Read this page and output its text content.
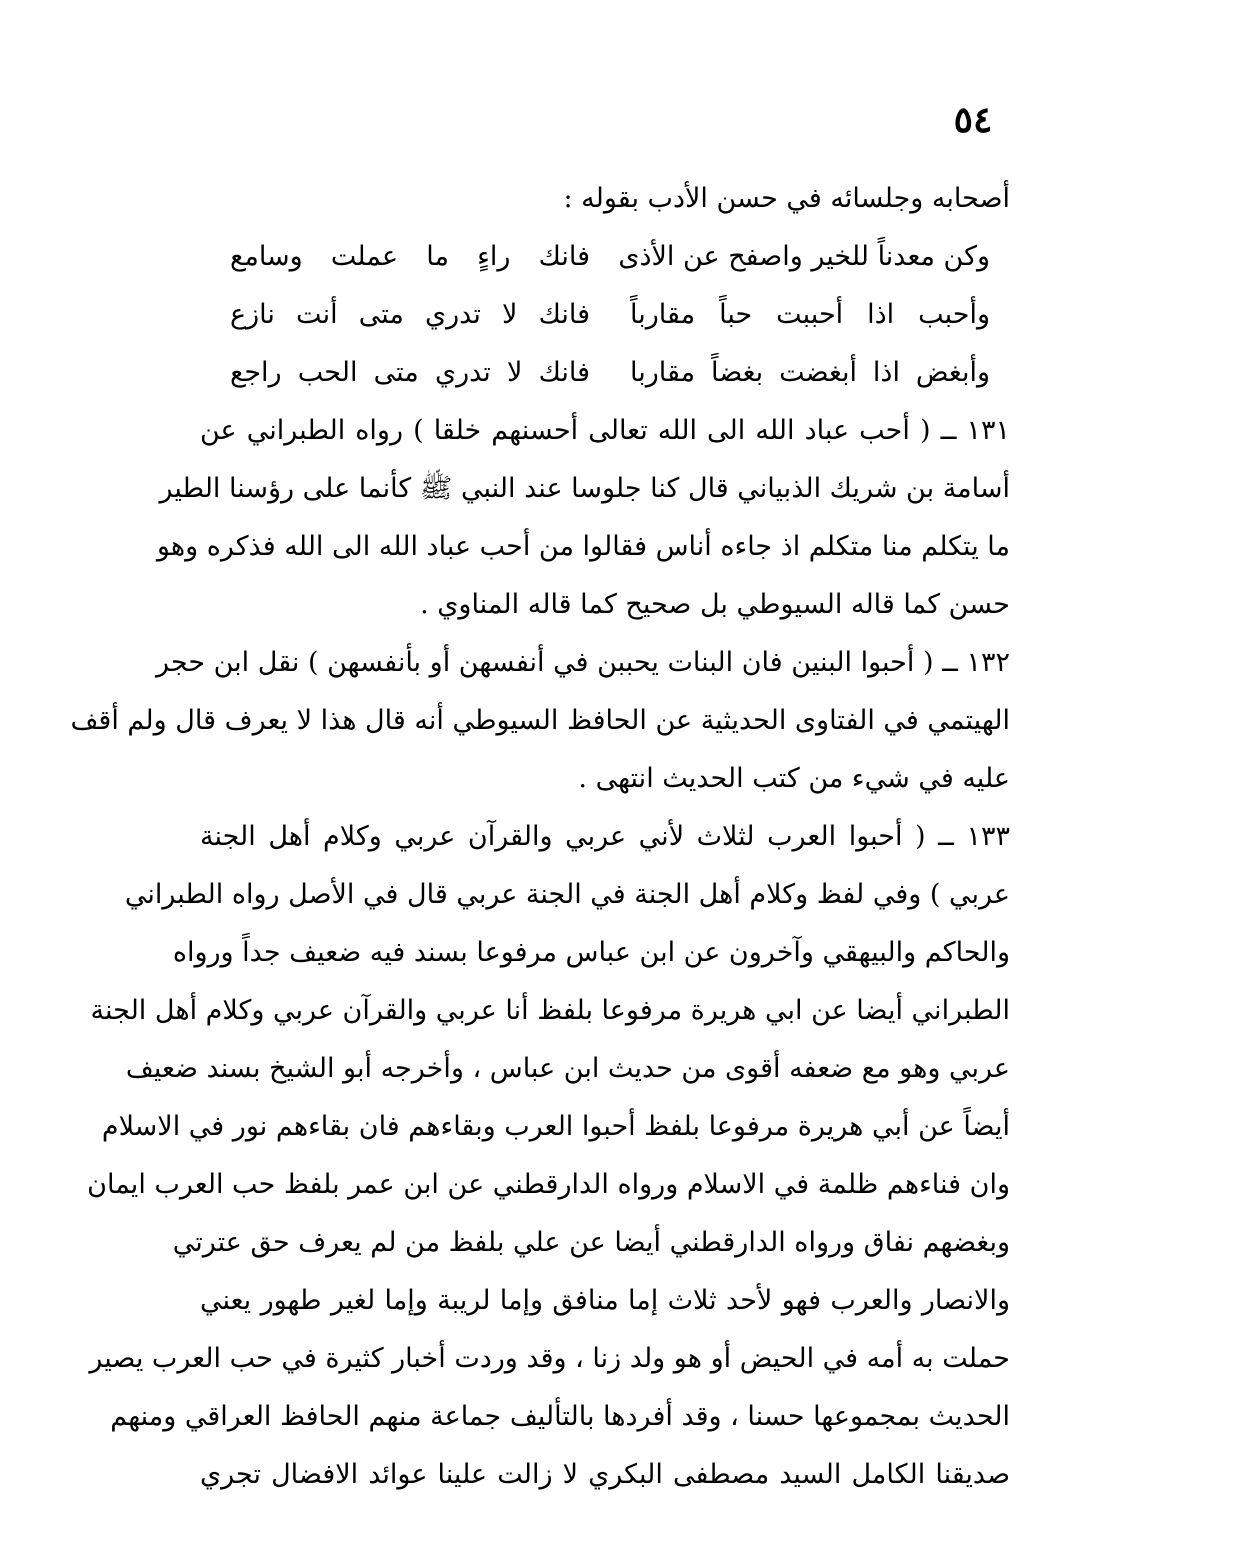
٥٤
أصحابه وجلسائه في حسن الأدب بقوله :
وكن معدناً للخير واصفح عن الأذى
فانك راءٍ ما عملت وسامع
وأحبب اذا أحببت حباً مقارباً
فانك لا تدري متى أنت نازع
وأبغض اذا أبغضت بغضاً مقاربا
فانك لا تدري متى الحب راجع
١٣١ ــ ( أحب عباد الله الى الله تعالى أحسنهم خلقا ) رواه الطبراني عن
أسامة بن شريك الذبياني قال كنا جلوسا عند النبي ﷺ كأنما على رؤسنا الطير
ما يتكلم منا متكلم اذ جاءه أناس فقالوا من أحب عباد الله الى الله فذكره وهو
حسن كما قاله السيوطي بل صحيح كما قاله المناوي .
١٣٢ ــ ( أحبوا البنين فان البنات يحببن في أنفسهن أو بأنفسهن ) نقل ابن حجر
الهيتمي في الفتاوى الحديثية عن الحافظ السيوطي أنه قال هذا لا يعرف قال ولم أقف
عليه في شيء من كتب الحديث انتهى .
١٣٣ ــ ( أحبوا العرب لثلاث لأني عربي والقرآن عربي وكلام أهل الجنة
عربي ) وفي لفظ وكلام أهل الجنة في الجنة عربي قال في الأصل رواه الطبراني
والحاكم والبيهقي وآخرون عن ابن عباس مرفوعا بسند فيه ضعيف جداً ورواه
الطبراني أيضا عن ابي هريرة مرفوعا بلفظ أنا عربي والقرآن عربي وكلام أهل الجنة
عربي وهو مع ضعفه أقوى من حديث ابن عباس ، وأخرجه أبو الشيخ بسند ضعيف
أيضاً عن أبي هريرة مرفوعا بلفظ أحبوا العرب وبقاءهم فان بقاءهم نور في الاسلام
وان فناءهم ظلمة في الاسلام ورواه الدارقطني عن ابن عمر بلفظ حب العرب ايمان
وبغضهم نفاق ورواه الدارقطني أيضا عن علي بلفظ من لم يعرف حق عترتي
والانصار والعرب فهو لأحد ثلاث إما منافق وإما لريبة وإما لغير طهور يعني
حملت به أمه في الحيض أو هو ولد زنا ، وقد وردت أخبار كثيرة في حب العرب يصير
الحديث بمجموعها حسنا ، وقد أفردها بالتأليف جماعة منهم الحافظ العراقي ومنهم
صديقنا الكامل السيد مصطفى البكري لا زالت علينا عوائد الافضال تجري
